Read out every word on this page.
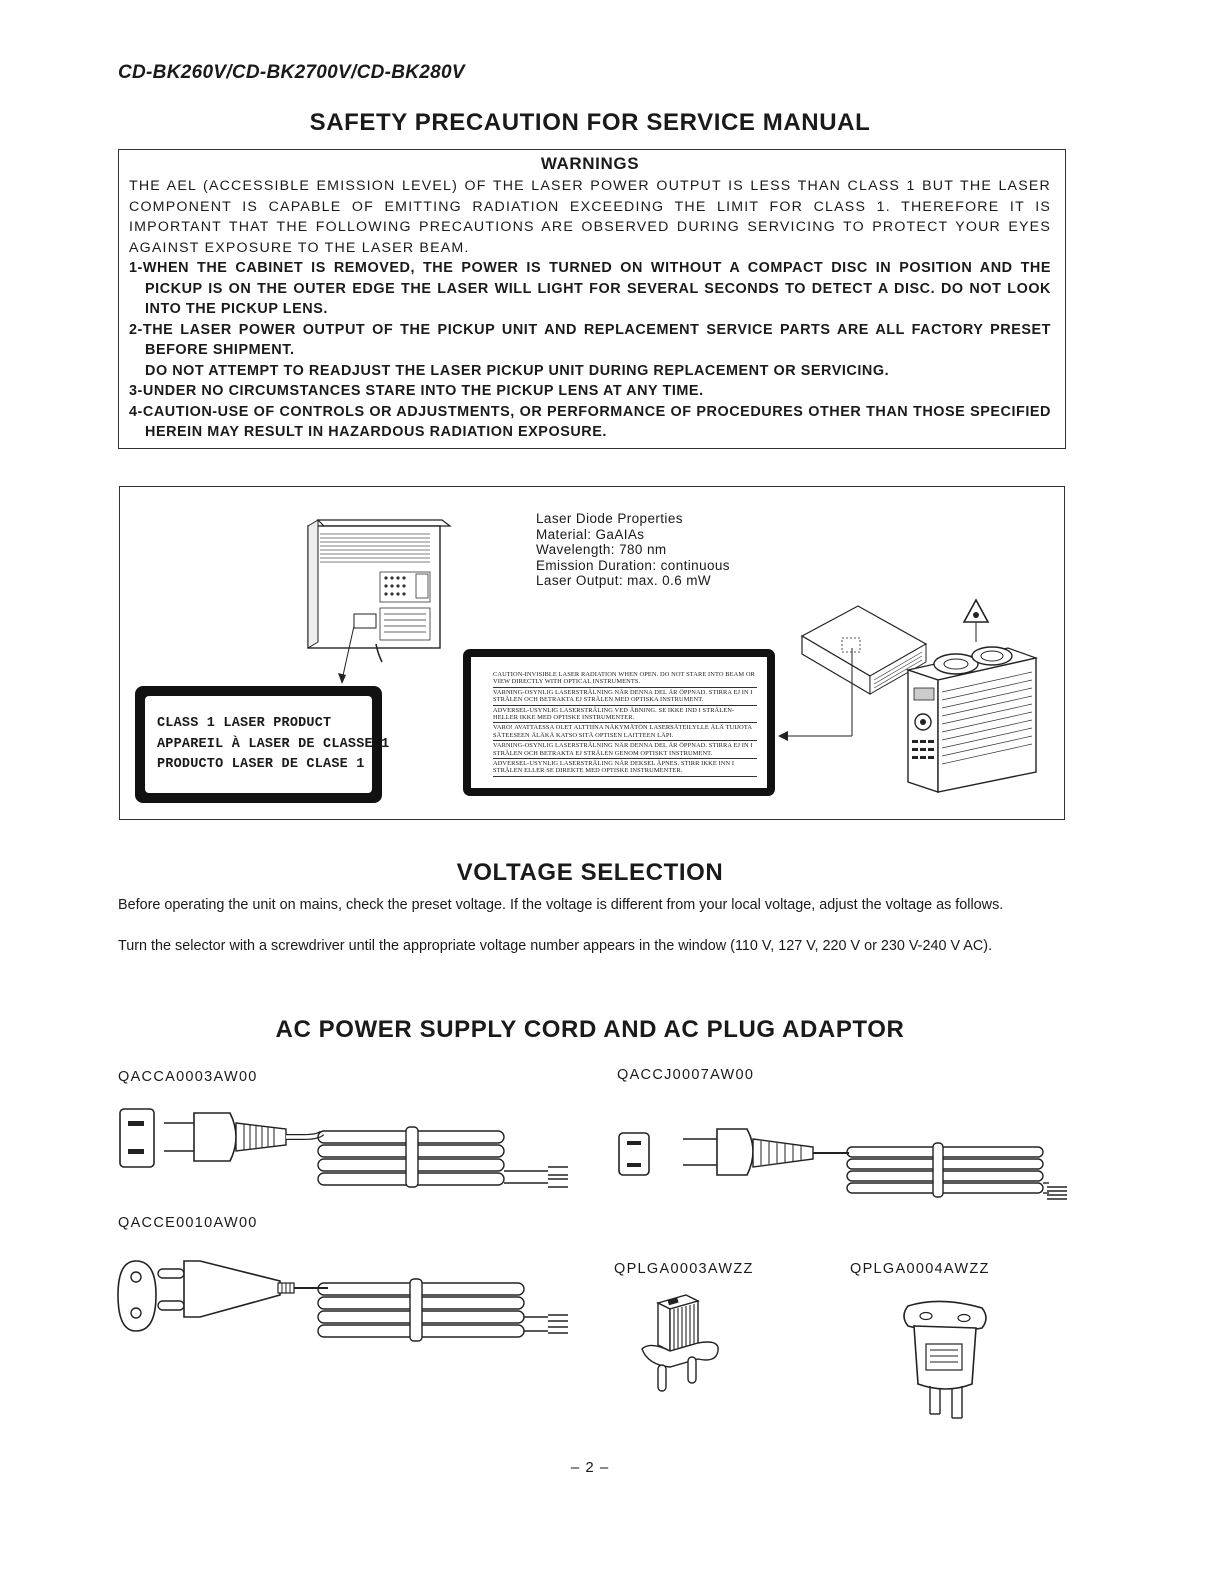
CD-BK260V/CD-BK2700V/CD-BK280V
SAFETY PRECAUTION FOR SERVICE MANUAL
WARNINGS
THE AEL (ACCESSIBLE EMISSION LEVEL) OF THE LASER POWER OUTPUT IS LESS THAN CLASS 1 BUT THE LASER COMPONENT IS CAPABLE OF EMITTING RADIATION EXCEEDING THE LIMIT FOR CLASS 1. THEREFORE IT IS IMPORTANT THAT THE FOLLOWING PRECAUTIONS ARE OBSERVED DURING SERVICING TO PROTECT YOUR EYES AGAINST EXPOSURE TO THE LASER BEAM.
1-WHEN THE CABINET IS REMOVED, THE POWER IS TURNED ON WITHOUT A COMPACT DISC IN POSITION AND THE PICKUP IS ON THE OUTER EDGE THE LASER WILL LIGHT FOR SEVERAL SECONDS TO DETECT A DISC. DO NOT LOOK INTO THE PICKUP LENS.
2-THE LASER POWER OUTPUT OF THE PICKUP UNIT AND REPLACEMENT SERVICE PARTS ARE ALL FACTORY PRESET BEFORE SHIPMENT.
DO NOT ATTEMPT TO READJUST THE LASER PICKUP UNIT DURING REPLACEMENT OR SERVICING.
3-UNDER NO CIRCUMSTANCES STARE INTO THE PICKUP LENS AT ANY TIME.
4-CAUTION-USE OF CONTROLS OR ADJUSTMENTS, OR PERFORMANCE OF PROCEDURES OTHER THAN THOSE SPECIFIED HEREIN MAY RESULT IN HAZARDOUS RADIATION EXPOSURE.
Laser Diode Properties
Material: GaAIAs
Wavelength: 780 nm
Emission Duration: continuous
Laser Output: max. 0.6 mW
CLASS 1 LASER PRODUCT
APPAREIL À LASER DE CLASSE 1
PRODUCTO LASER DE CLASE 1
CAUTION-INVISIBLE LASER RADIATION WHEN OPEN. DO NOT STARE INTO BEAM OR VIEW DIRECTLY WITH OPTICAL INSTRUMENTS.
VARNING-OSYNLIG LASERSTRÅLNING NÄR DENNA DEL ÄR ÖPPNAD. STIRRA EJ IN I STRÅLEN OCH BETRAKTA EJ STRÅLEN MED OPTISKA INSTRUMENT.
ADVERSEL-USYNLIG LASERSTRÅLING VED ÅBNING. SE IKKE IND I STRÅLEN-HELLER IKKE MED OPTISKE INSTRUMENTER.
VARO! AVATTAESSA OLET ALTTIINA NÄKYMÄTÖN LASERSÄTEILYLLE ÄLÄ TUIJOTA SÄTEESEEN ÄLÄKÄ KATSO SITÄ OPTISEN LAITTEEN LÄPI.
VARNING-OSYNLIG LASERSTRÅLNING NÄR DENNA DEL ÄR ÖPPNAD. STIRRA EJ IN I STRÅLEN OCH BETRAKTA EJ STRÅLEN GENOM OPTISKT INSTRUMENT.
ADVERSEL-USYNLIG LASERSTRÅLING NÅR DEKSEL ÅPNES. STIRR IKKE INN I STRÅLEN ELLER SE DIREKTE MED OPTISKE INSTRUMENTER.
VOLTAGE SELECTION
Before operating the unit on mains, check the preset voltage. If the voltage is different from your local voltage, adjust the voltage as follows.
Turn the selector with a screwdriver until the appropriate voltage number appears in the window (110 V, 127 V, 220 V or 230 V-240 V AC).
AC POWER SUPPLY CORD AND AC PLUG ADAPTOR
QACCA0003AW00	QACCJ0007AW00
QACCE0010AW00
QPLGA0003AWZZ	QPLGA0004AWZZ
– 2 –
